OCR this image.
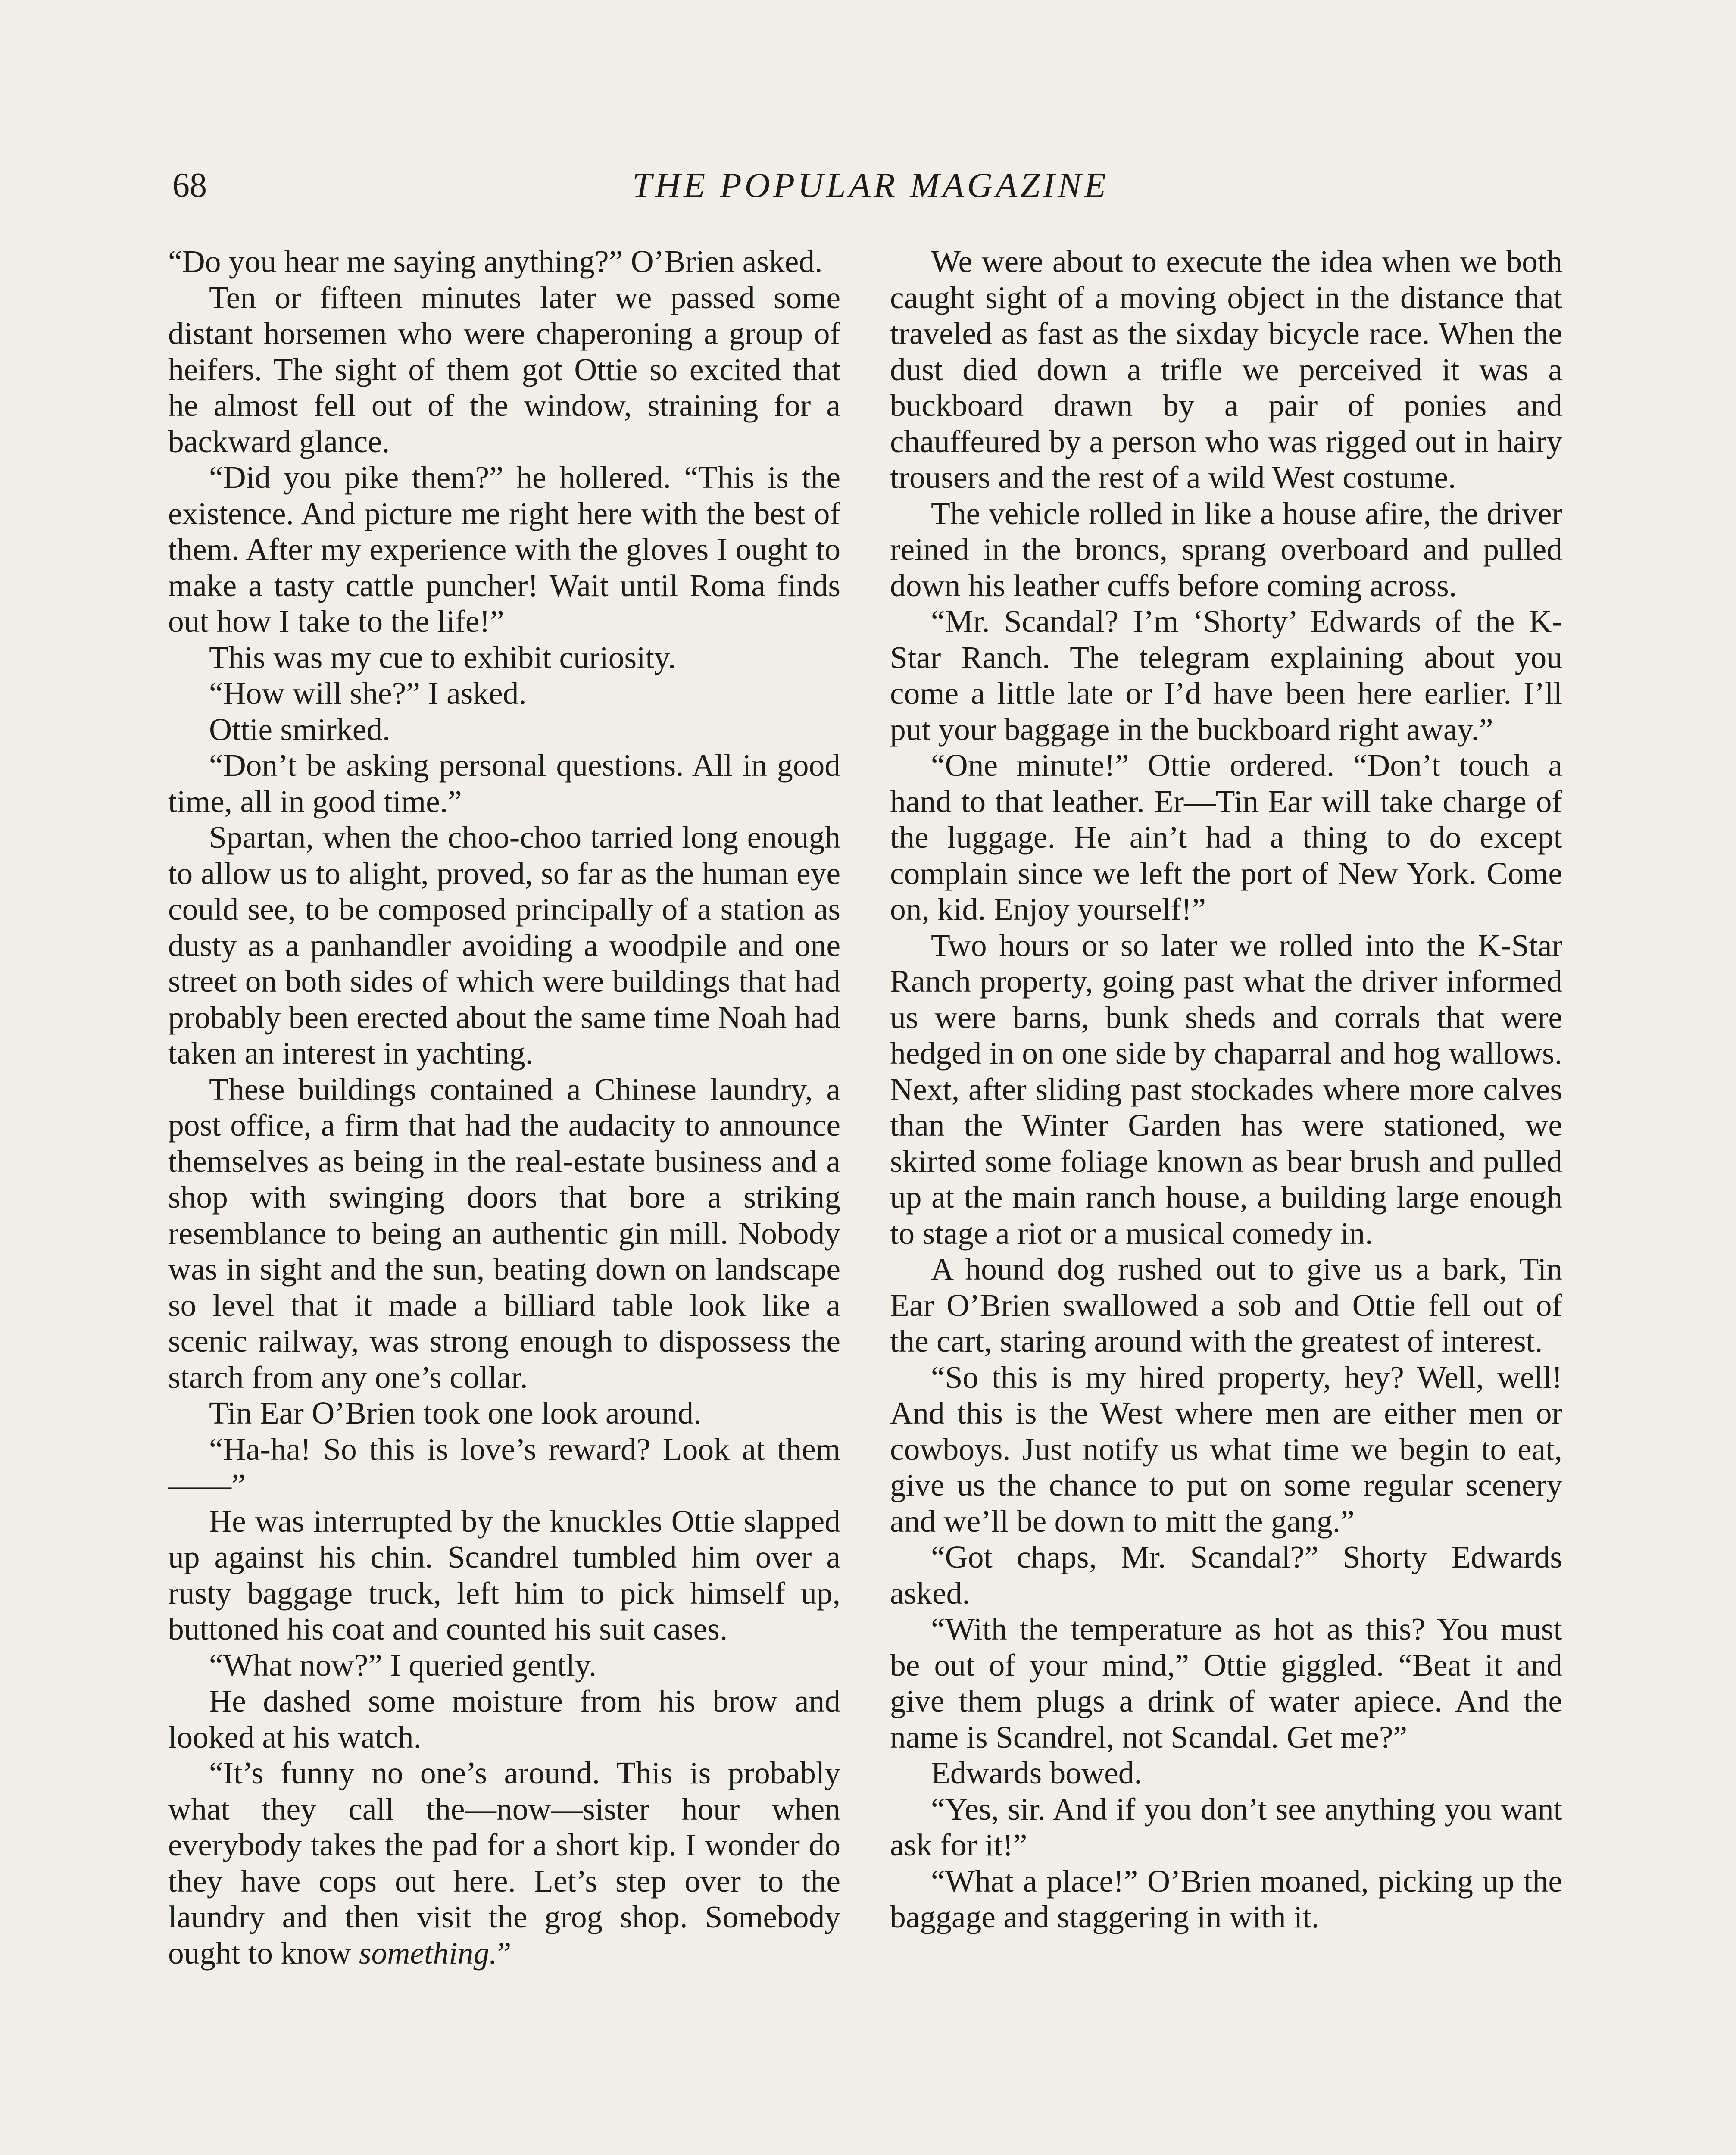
68	THE POPULAR MAGAZINE

“Do you hear me saying anything?” O’Brien asked.

Ten or fifteen minutes later we passed some distant horsemen who were chaperoning a group of heifers. The sight of them got Ottie so excited that he almost fell out of the window, straining for a backward glance.

“Did you pike them?” he hollered. “This is the existence. And picture me right here with the best of them. After my experience with the gloves I ought to make a tasty cattle puncher! Wait until Roma finds out how I take to the life!”

This was my cue to exhibit curiosity.

“How will she?” I asked.

Ottie smirked.

“Don’t be asking personal questions. All in good time, all in good time.”

Spartan, when the choo-choo tarried long enough to allow us to alight, proved, so far as the human eye could see, to be composed principally of a station as dusty as a panhandler avoiding a woodpile and one street on both sides of which were buildings that had probably been erected about the same time Noah had taken an interest in yachting.

These buildings contained a Chinese laundry, a post office, a firm that had the audacity to announce themselves as being in the real-estate business and a shop with swinging doors that bore a striking resemblance to being an authentic gin mill. Nobody was in sight and the sun, beating down on landscape so level that it made a billiard table look like a scenic railway, was strong enough to dispossess the starch from any one’s collar.

Tin Ear O’Brien took one look around.

“Ha-ha! So this is love’s reward? Look at them——”

He was interrupted by the knuckles Ottie slapped up against his chin. Scandrel tumbled him over a rusty baggage truck, left him to pick himself up, buttoned his coat and counted his suit cases.

“What now?” I queried gently.

He dashed some moisture from his brow and looked at his watch.

“It’s funny no one’s around. This is probably what they call the—now—sister hour when everybody takes the pad for a short kip. I wonder do they have cops out here. Let’s step over to the laundry and then visit the grog shop. Somebody ought to know something.”

We were about to execute the idea when we both caught sight of a moving object in the distance that traveled as fast as the sixday bicycle race. When the dust died down a trifle we perceived it was a buckboard drawn by a pair of ponies and chauffeured by a person who was rigged out in hairy trousers and the rest of a wild West costume.

The vehicle rolled in like a house afire, the driver reined in the broncs, sprang overboard and pulled down his leather cuffs before coming across.

“Mr. Scandal? I’m ‘Shorty’ Edwards of the K-Star Ranch. The telegram explaining about you come a little late or I’d have been here earlier. I’ll put your baggage in the buckboard right away.”

“One minute!” Ottie ordered. “Don’t touch a hand to that leather. Er—Tin Ear will take charge of the luggage. He ain’t had a thing to do except complain since we left the port of New York. Come on, kid. Enjoy yourself!”

Two hours or so later we rolled into the K-Star Ranch property, going past what the driver informed us were barns, bunk sheds and corrals that were hedged in on one side by chaparral and hog wallows. Next, after sliding past stockades where more calves than the Winter Garden has were stationed, we skirted some foliage known as bear brush and pulled up at the main ranch house, a building large enough to stage a riot or a musical comedy in.

A hound dog rushed out to give us a bark, Tin Ear O’Brien swallowed a sob and Ottie fell out of the cart, staring around with the greatest of interest.

“So this is my hired property, hey? Well, well! And this is the West where men are either men or cowboys. Just notify us what time we begin to eat, give us the chance to put on some regular scenery and we’ll be down to mitt the gang.”

“Got chaps, Mr. Scandal?” Shorty Edwards asked.

“With the temperature as hot as this? You must be out of your mind,” Ottie giggled. “Beat it and give them plugs a drink of water apiece. And the name is Scandrel, not Scandal. Get me?”

Edwards bowed.

“Yes, sir. And if you don’t see anything you want ask for it!”

“What a place!” O’Brien moaned, picking up the baggage and staggering in with it.
